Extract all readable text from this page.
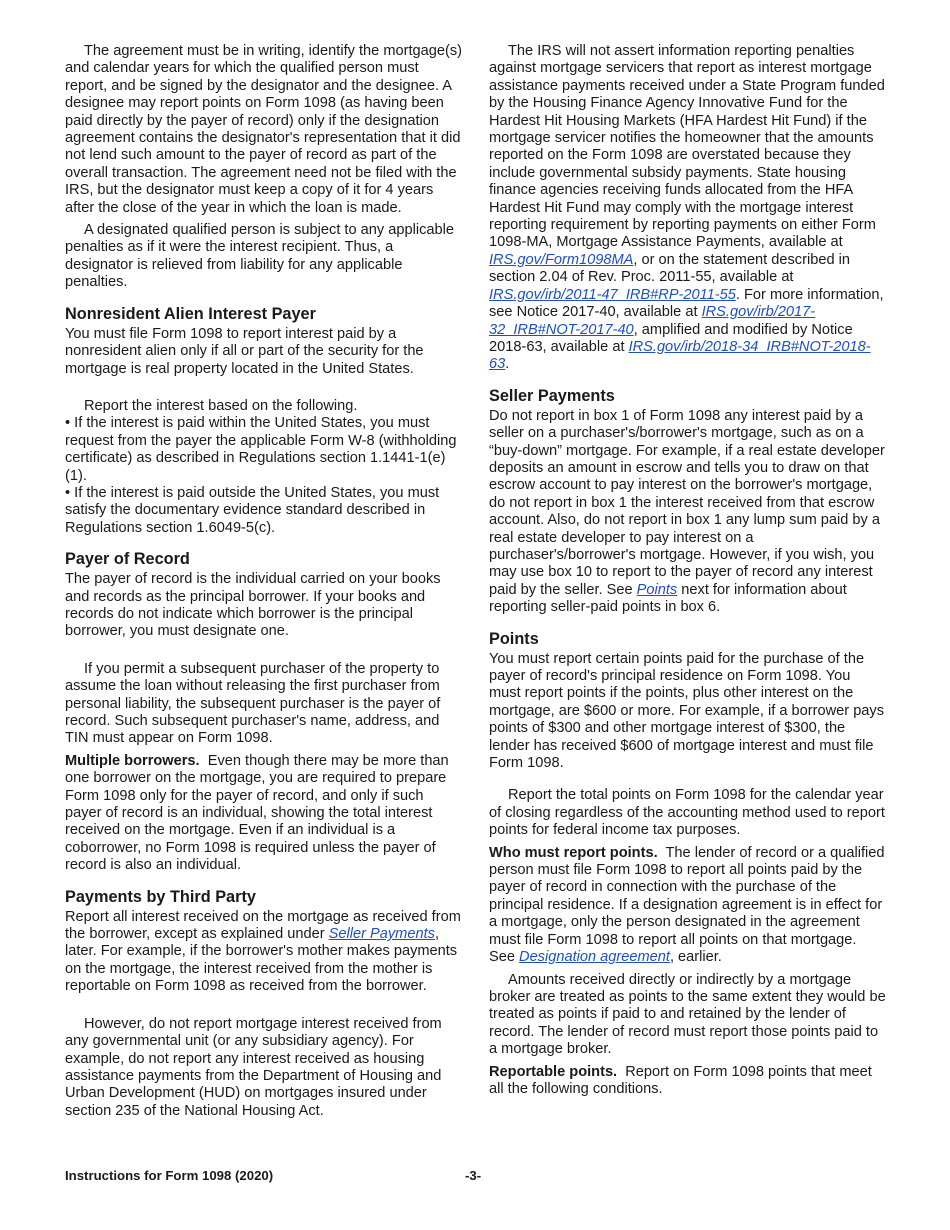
The agreement must be in writing, identify the mortgage(s) and calendar years for which the qualified person must report, and be signed by the designator and the designee. A designee may report points on Form 1098 (as having been paid directly by the payer of record) only if the designation agreement contains the designator's representation that it did not lend such amount to the payer of record as part of the overall transaction. The agreement need not be filed with the IRS, but the designator must keep a copy of it for 4 years after the close of the year in which the loan is made.

A designated qualified person is subject to any applicable penalties as if it were the interest recipient. Thus, a designator is relieved from liability for any applicable penalties.

Nonresident Alien Interest Payer

You must file Form 1098 to report interest paid by a nonresident alien only if all or part of the security for the mortgage is real property located in the United States.

Report the interest based on the following.

• If the interest is paid within the United States, you must request from the payer the applicable Form W-8 (withholding certificate) as described in Regulations section 1.1441-1(e)(1).

• If the interest is paid outside the United States, you must satisfy the documentary evidence standard described in Regulations section 1.6049-5(c).

Payer of Record

The payer of record is the individual carried on your books and records as the principal borrower. If your books and records do not indicate which borrower is the principal borrower, you must designate one.

If you permit a subsequent purchaser of the property to assume the loan without releasing the first purchaser from personal liability, the subsequent purchaser is the payer of record. Such subsequent purchaser's name, address, and TIN must appear on Form 1098.

Multiple borrowers. Even though there may be more than one borrower on the mortgage, you are required to prepare Form 1098 only for the payer of record, and only if such payer of record is an individual, showing the total interest received on the mortgage. Even if an individual is a coborrower, no Form 1098 is required unless the payer of record is also an individual.

Payments by Third Party

Report all interest received on the mortgage as received from the borrower, except as explained under Seller Payments, later. For example, if the borrower's mother makes payments on the mortgage, the interest received from the mother is reportable on Form 1098 as received from the borrower.

However, do not report mortgage interest received from any governmental unit (or any subsidiary agency). For example, do not report any interest received as housing assistance payments from the Department of Housing and Urban Development (HUD) on mortgages insured under section 235 of the National Housing Act.

The IRS will not assert information reporting penalties against mortgage servicers that report as interest mortgage assistance payments received under a State Program funded by the Housing Finance Agency Innovative Fund for the Hardest Hit Housing Markets (HFA Hardest Hit Fund) if the mortgage servicer notifies the homeowner that the amounts reported on the Form 1098 are overstated because they include governmental subsidy payments. State housing finance agencies receiving funds allocated from the HFA Hardest Hit Fund may comply with the mortgage interest reporting requirement by reporting payments on either Form 1098-MA, Mortgage Assistance Payments, available at IRS.gov/Form1098MA, or on the statement described in section 2.04 of Rev. Proc. 2011-55, available at IRS.gov/irb/2011-47_IRB#RP-2011-55. For more information, see Notice 2017-40, available at IRS.gov/irb/2017-32_IRB#NOT-2017-40, amplified and modified by Notice 2018-63, available at IRS.gov/irb/2018-34_IRB#NOT-2018-63.

Seller Payments

Do not report in box 1 of Form 1098 any interest paid by a seller on a purchaser's/borrower's mortgage, such as on a “buy-down” mortgage. For example, if a real estate developer deposits an amount in escrow and tells you to draw on that escrow account to pay interest on the borrower's mortgage, do not report in box 1 the interest received from that escrow account. Also, do not report in box 1 any lump sum paid by a real estate developer to pay interest on a purchaser's/borrower's mortgage. However, if you wish, you may use box 10 to report to the payer of record any interest paid by the seller. See Points next for information about reporting seller-paid points in box 6.

Points

You must report certain points paid for the purchase of the payer of record's principal residence on Form 1098. You must report points if the points, plus other interest on the mortgage, are $600 or more. For example, if a borrower pays points of $300 and other mortgage interest of $300, the lender has received $600 of mortgage interest and must file Form 1098.

Report the total points on Form 1098 for the calendar year of closing regardless of the accounting method used to report points for federal income tax purposes.

Who must report points. The lender of record or a qualified person must file Form 1098 to report all points paid by the payer of record in connection with the purchase of the principal residence. If a designation agreement is in effect for a mortgage, only the person designated in the agreement must file Form 1098 to report all points on that mortgage. See Designation agreement, earlier.

Amounts received directly or indirectly by a mortgage broker are treated as points to the same extent they would be treated as points if paid to and retained by the lender of record. The lender of record must report those points paid to a mortgage broker.

Reportable points. Report on Form 1098 points that meet all the following conditions.

Instructions for Form 1098 (2020)	-3-
